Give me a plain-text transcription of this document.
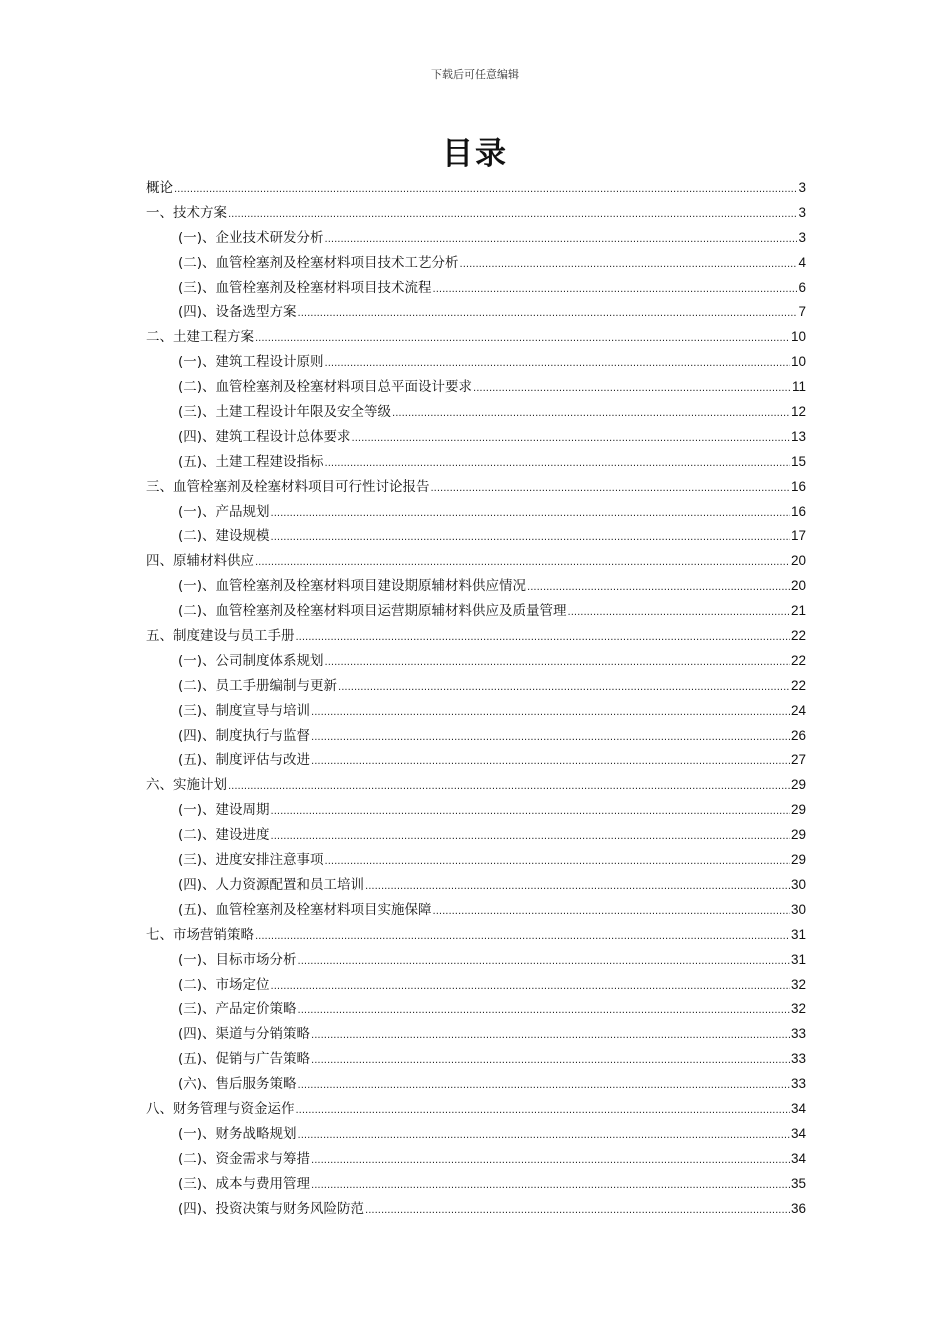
下载后可任意编辑
目录
概论 .....	3
一、技术方案 .....	3
(一)、企业技术研发分析 .....	3
(二)、血管栓塞剂及栓塞材料项目技术工艺分析 .....	4
(三)、血管栓塞剂及栓塞材料项目技术流程 .....	6
(四)、设备选型方案 .....	7
二、土建工程方案 .....	10
(一)、建筑工程设计原则 .....	10
(二)、血管栓塞剂及栓塞材料项目总平面设计要求 .....	11
(三)、土建工程设计年限及安全等级 .....	12
(四)、建筑工程设计总体要求 .....	13
(五)、土建工程建设指标 .....	15
三、血管栓塞剂及栓塞材料项目可行性讨论报告 .....	16
(一)、产品规划 .....	16
(二)、建设规模 .....	17
四、原辅材料供应 .....	20
(一)、血管栓塞剂及栓塞材料项目建设期原辅材料供应情况 .....	20
(二)、血管栓塞剂及栓塞材料项目运营期原辅材料供应及质量管理 .....	21
五、制度建设与员工手册 .....	22
(一)、公司制度体系规划 .....	22
(二)、员工手册编制与更新 .....	22
(三)、制度宣导与培训 .....	24
(四)、制度执行与监督 .....	26
(五)、制度评估与改进 .....	27
六、实施计划 .....	29
(一)、建设周期 .....	29
(二)、建设进度 .....	29
(三)、进度安排注意事项 .....	29
(四)、人力资源配置和员工培训 .....	30
(五)、血管栓塞剂及栓塞材料项目实施保障 .....	30
七、市场营销策略 .....	31
(一)、目标市场分析 .....	31
(二)、市场定位 .....	32
(三)、产品定价策略 .....	32
(四)、渠道与分销策略 .....	33
(五)、促销与广告策略 .....	33
(六)、售后服务策略 .....	33
八、财务管理与资金运作 .....	34
(一)、财务战略规划 .....	34
(二)、资金需求与筹措 .....	34
(三)、成本与费用管理 .....	35
(四)、投资决策与财务风险防范 .....	36
